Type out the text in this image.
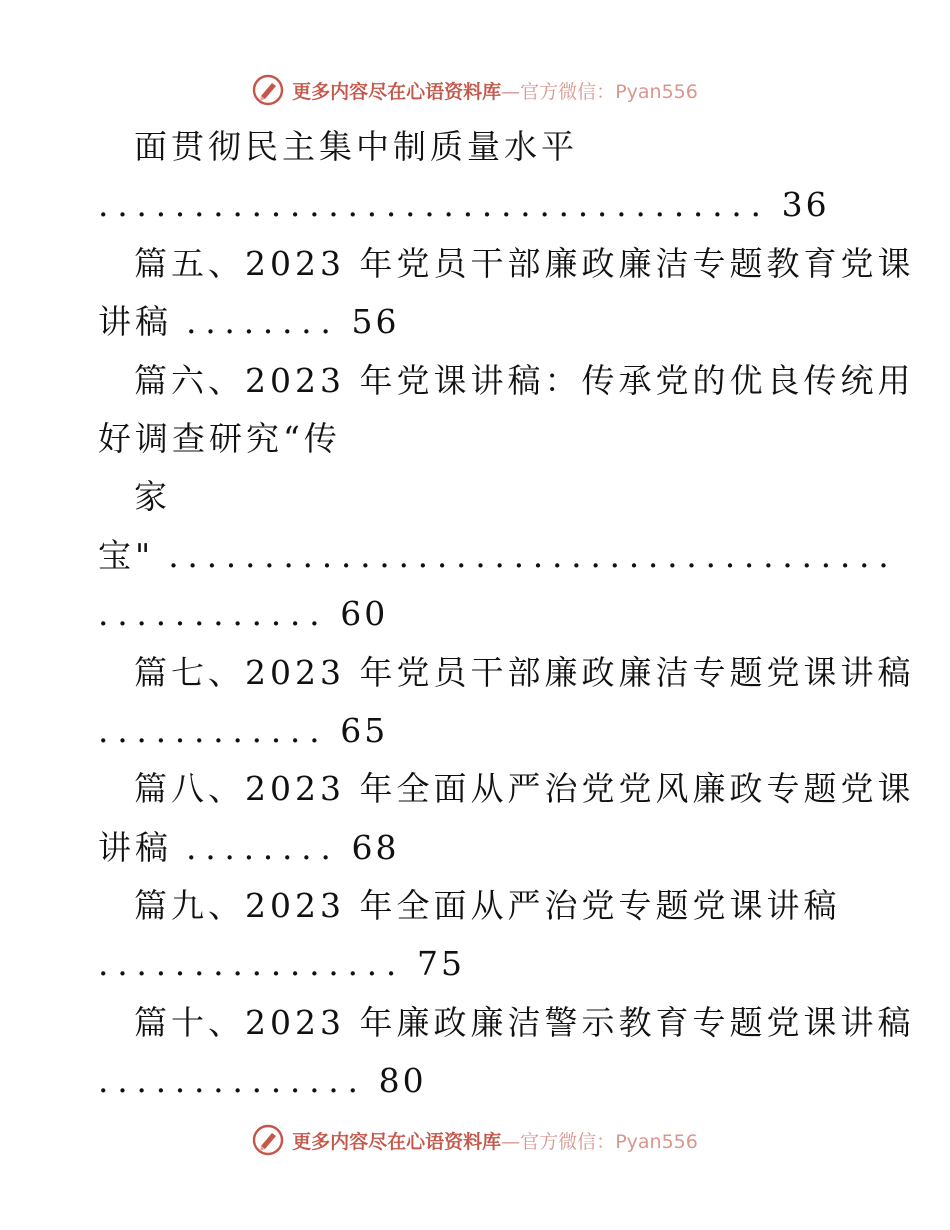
更多内容尽在心语资料库—官方微信：Pyan556
面贯彻民主集中制质量水平
................................... 36
篇五、2023 年党员干部廉政廉洁专题教育党课
讲稿 ........ 56
篇六、2023 年党课讲稿：传承党的优良传统用
好调查研究“传
家
宝" ......................................
............ 60
篇七、2023 年党员干部廉政廉洁专题党课讲稿
............ 65
篇八、2023 年全面从严治党党风廉政专题党课
讲稿 ........ 68
篇九、2023 年全面从严治党专题党课讲稿
................ 75
篇十、2023 年廉政廉洁警示教育专题党课讲稿
.............. 80
更多内容尽在心语资料库—官方微信：Pyan556
